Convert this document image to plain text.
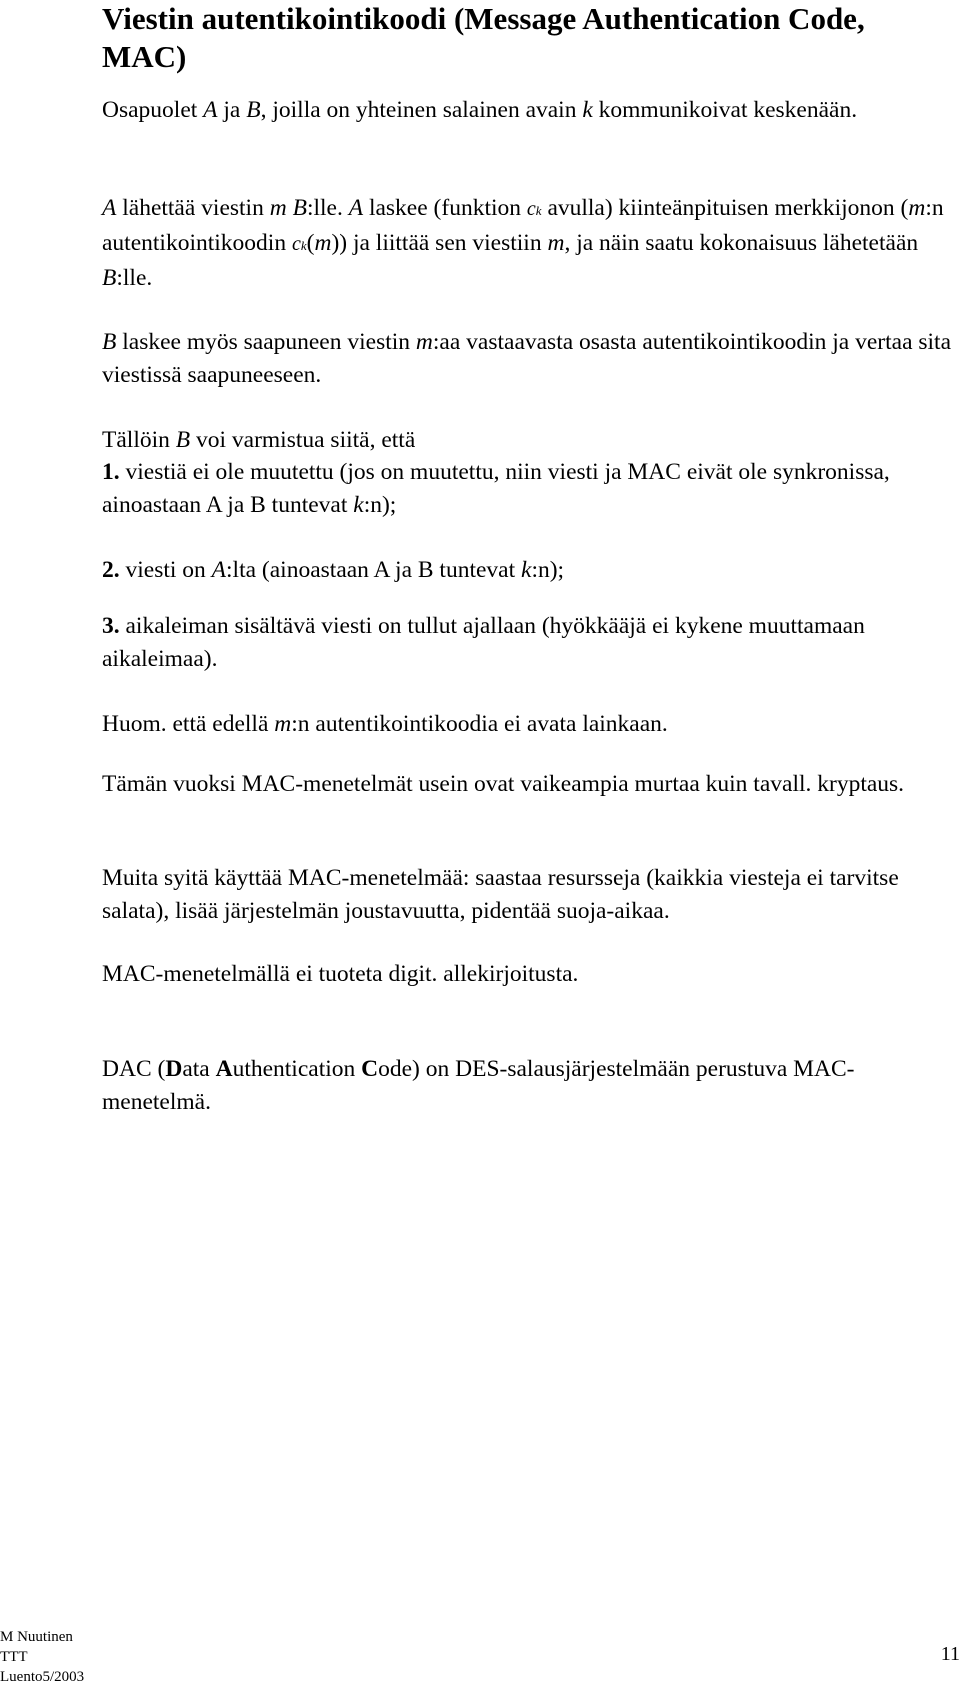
Viestin autentikointikoodi (Message Authentication Code, MAC)
Osapuolet A ja B, joilla on yhteinen salainen avain k kommunikoivat keskenään.
A lähettää viestin m B:lle. A laskee (funktion ck avulla) kiinteänpituisen merkkijonon (m:n autentikointikoodin ck(m)) ja liittää sen viestiin m, ja näin saatu kokonaisuus lähetetään B:lle.
B laskee myös saapuneen viestin m:aa vastaavasta osasta autentikointikoodin ja vertaa sita viestissä saapuneeseen.
Tällöin B voi varmistua siitä, että
1. viestiä ei ole muutettu (jos on muutettu, niin viesti ja MAC eivät ole synkronissa, ainoastaan A ja B tuntevat k:n);
2. viesti on A:lta (ainoastaan A ja B tuntevat k:n);
3. aikaleiman sisältävä viesti on tullut ajallaan (hyökkääjä ei kykene muuttamaan aikaleimaa).
Huom. että edellä m:n autentikointikoodia ei avata lainkaan.
Tämän vuoksi MAC-menetelmät usein ovat vaikeampia murtaa kuin tavall. kryptaus.
Muita syitä käyttää MAC-menetelmää: saastaa resursseja (kaikkia viesteja ei tarvitse salata), lisää järjestelmän joustavuutta, pidentää suoja-aikaa.
MAC-menetelmällä ei tuoteta digit. allekirjoitusta.
DAC (Data Authentication Code) on DES-salausjärjestelmään perustuva MAC-menetelmä.
M Nuutinen
TTT
Luento5/2003
11
